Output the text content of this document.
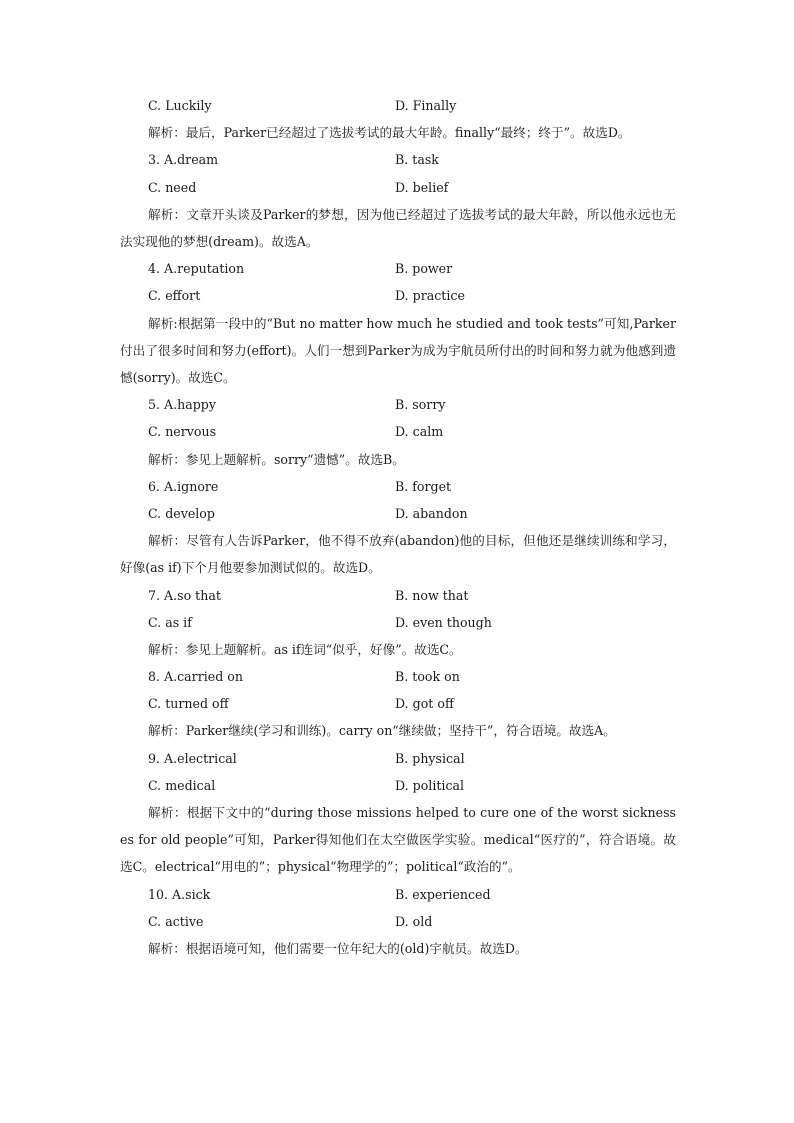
C. Luckily	D. Finally

解析：最后，Parker已经超过了选拔考试的最大年龄。finally“最终；终于”。故选D。

3. A.dream	B. task
C. need	D. belief

解析：文章开头谈及Parker的梦想，因为他已经超过了选拔考试的最大年龄，所以他永远也无法实现他的梦想(dream)。故选A。

4. A.reputation	B. power
C. effort	D. practice

解析:根据第一段中的“But no matter how much he studied and took tests”可知,Parker付出了很多时间和努力(effort)。人们一想到Parker为成为宇航员所付出的时间和努力就为他感到遗憾(sorry)。故选C。

5. A.happy	B. sorry
C. nervous	D. calm

解析：参见上题解析。sorry“遗憾”。故选B。

6. A.ignore	B. forget
C. develop	D. abandon

解析：尽管有人告诉Parker，他不得不放弃(abandon)他的目标，但他还是继续训练和学习，好像(as if)下个月他要参加测试似的。故选D。

7. A.so that	B. now that
C. as if	D. even though

解析：参见上题解析。as if连词“似乎，好像”。故选C。

8. A.carried on	B. took on
C. turned off	D. got off

解析：Parker继续(学习和训练)。carry on“继续做；坚持干”，符合语境。故选A。

9. A.electrical	B. physical
C. medical	D. political

解析：根据下文中的“during those missions helped to cure one of the worst sicknesses for old people”可知，Parker得知他们在太空做医学实验。medical“医疗的”，符合语境。故选C。electrical“用电的”；physical“物理学的”；political“政治的”。

10. A.sick	B. experienced
C. active	D. old

解析：根据语境可知，他们需要一位年纪大的(old)宇航员。故选D。
